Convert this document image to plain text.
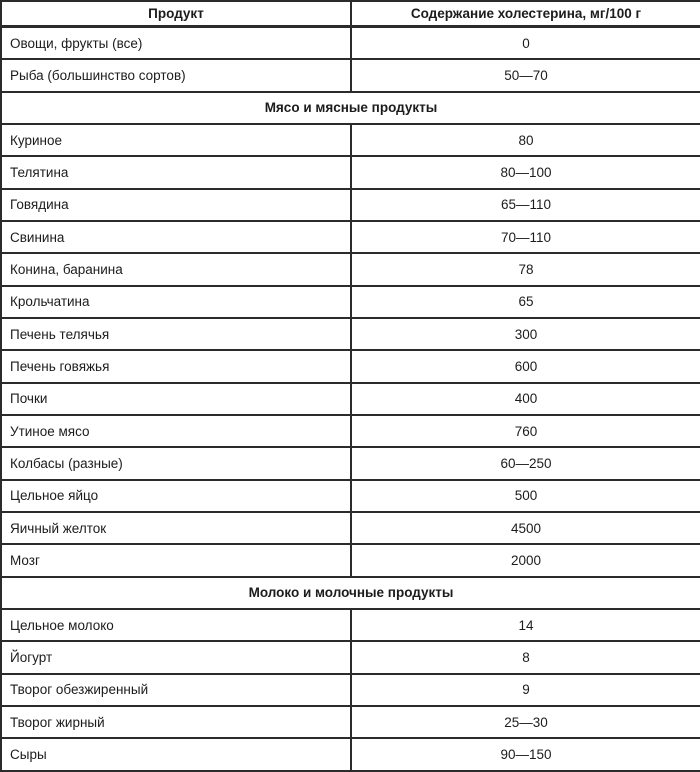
Продукт	Содержание холестерина, мг/100 г
Овощи, фрукты (все)	0
Рыба (большинство сортов)	50—70
Мясо и мясные продукты	
Куриное	80
Телятина	80—100
Говядина	65—110
Свинина	70—110
Конина, баранина	78
Крольчатина	65
Печень телячья	300
Печень говяжья	600
Почки	400
Утиное мясо	760
Колбасы (разные)	60—250
Цельное яйцо	500
Яичный желток	4500
Мозг	2000
Молоко и молочные продукты	
Цельное молоко	14
Йогурт	8
Творог обезжиренный	9
Творог жирный	25—30
Сыры	90—150
